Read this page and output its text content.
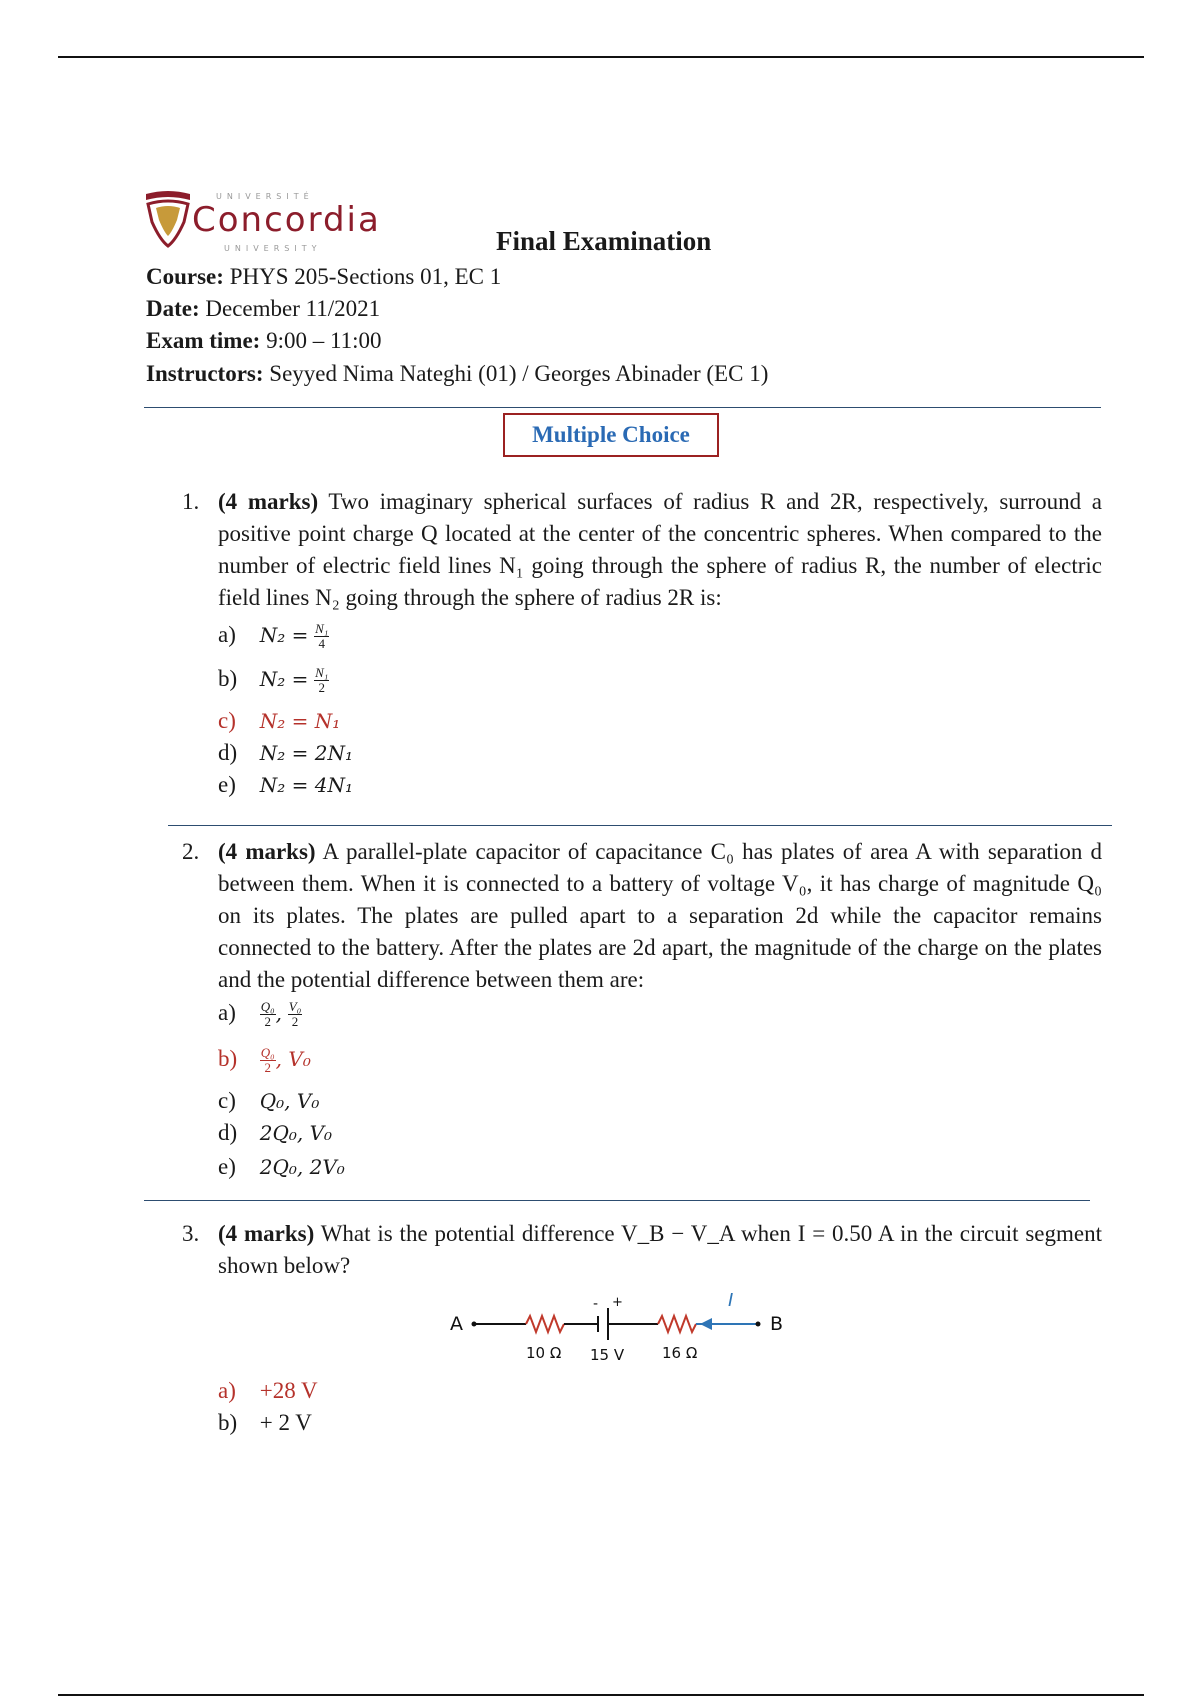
UNIVERSITÉ
Concordia
UNIVERSITY	Final Examination
Course: PHYS 205-Sections 01, EC 1
Date: December 11/2021
Exam time: 9:00 – 11:00
Instructors: Seyyed Nima Nateghi (01) / Georges Abinader (EC 1)
Multiple Choice
1. (4 marks) Two imaginary spherical surfaces of radius R and 2R, respectively, surround a positive point charge Q located at the center of the concentric spheres. When compared to the number of electric field lines N₁ going through the sphere of radius R, the number of electric field lines N₂ going through the sphere of radius 2R is:
a) $N_2 = \frac{\text{N₁}}{4}$
b) $N_2 = \frac{\text{N₁}}{2}$
c) N₂ = N₁
d) N₂ = 2N₁
e) N₂ = 4N₁
2. (4 marks) A parallel-plate capacitor of capacitance C₀ has plates of area A with separation d between them. When it is connected to a battery of voltage V₀, it has charge of magnitude Q₀ on its plates. The plates are pulled apart to a separation 2d while the capacitor remains connected to the battery. After the plates are 2d apart, the magnitude of the charge on the plates and the potential difference between them are:
$a) \frac{\text{Q₀}}{2}$ , $\frac{\text{V₀}}{2}$
$b) \frac{\text{Q₀}}{2}$ , V₀
c) Q₀, V₀
d) 2Q₀, V₀
e) 2Q₀, 2V₀
3. (4 marks) What is the potential difference V_B − V_A when I = 0.50 A in the circuit segment shown below?
A
- +	I
B
10 Ω 15 V	16 Ω
a) +28 V
b) + 2 V
